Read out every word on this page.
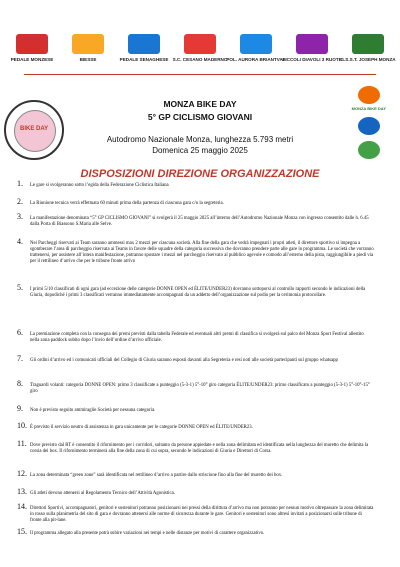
PEDALE MONZESE	BIESSE	PEDALE SENAGHESE S.C. CESANO MADERNO
POL. AURORA BRIANTVAL
PICCOLI DIAVOLI 3 RUOTE
G.S.S.T. JOSEPH MONZA
BIKE DAY
MONZA BIKE DAY
MONZA BIKE DAY
5° GP CICLISMO GIOVANI
Autodromo Nazionale Monza, lunghezza 5.793 metri
Domenica 25 maggio 2025
DISPOSIZIONI DIREZIONE ORGANIZZAZIONE
1. Le gare si svolgeranno sotto l’egida della Federazione Ciclistica Italiana
2. La Riunione tecnica verrà effettuata 60 minuti prima della partenza di ciascuna gara c/o la segreteria.
3. La manifestazione denominata “5° GP CICLISMO GIOVANI” si svolgerà il 25 maggio 2025 all’interno dell’Autodromo Nazionale Monza con ingresso consentito dalle h. 6.45 dalla Porta di Biassono S.Maria alle Selve.
4. Nei Parcheggi riservati ai Team saranno ammessi max 2 mezzi per ciascuna società. Alla fine della gara che vedrà impegnati i propri atleti, il direttore sportivo si impegna a sgomberare l’area di parcheggio riservata ai Teams in favore delle squadre della categoria successiva che dovranno prendere parte alle gare in programma. Le società che vorranno trattenersi, per assistere all’intera manifestazione, potranno spostare i mezzi nel parcheggio riservato al pubblico agevole e comodo all’esterno della pista, raggiungibile a piedi via per il rettilineo d’arrivo che per le tribune fronte arrivo
5. I primi 5/10 classificati di ogni gara (ad eccezione delle categorie DONNE OPEN ed ÉLITE/UNDER23) dovranno sottoporsi al controllo rapporti secondo le indicazioni della Giuria, dopodiché i primi 3 classificati verranno immediatamente accompagnati da un addetto dell’organizzazione sul podio per la cerimonia protocollare.
6. La premiazione completa con la consegna dei premi previsti dalla tabella Federale ed eventuali altri premi di classifica si svolgerà sul palco del Monza Sport Festival allestito nella zona paddock subito dopo l’invio dell’ordine d’arrivo ufficiale.
7. Gli ordini d’arrivo ed i comunicati ufficiali del Collegio di Giuria saranno esposti davanti alla Segreteria e resi noti alle società partecipanti sul gruppo whatsapp
8. Traguardi volanti: categoria DONNE OPEN: primo 3 classificate a punteggio (5-3-1) 5°-10° giro categoria ÉLITE/UNDER23: primo classificato a punteggio (5-3-1) 5°-10°-15° giro
9. Non è previsto seguito ammiraglie Società per nessuna categoria.
10. È previsto il servizio neutro di assistenza in gara unicamente per le categorie DONNE OPEN ed ÉLITE/UNDER23.
11. Dove previsto dal RT è consentito il rifornimento per i corridori, soltanto da persone appiedate e nella zona delimitata ed identificata nella lunghezza del muretto che delimita la corsia dei box. Il rifornimento terminerà alla fine della zona di cui sopra, secondo le indicazioni di Giuria e Direttori di Corsa.
12. La zona determinata “green zone” sarà identificata nel rettilineo d’arrivo a partire dallo striscione fino alla fine del muretto dei box.
13. Gli atleti devono attenersi al Regolamento Tecnico dell’Attività Agonistica.
14. Direttori Sportivi, accompagnatori, genitori e sostenitori potranno posizionarsi nei pressi della dirittura d’arrivo ma non potranno per nessun motivo oltrepassare la zona delimitata in rosso sulla planimetria del sito di gara e dovranno attenersi alle norme di sicurezza durante le gare. Genitori e sostenitori sono altresì invitati a posizionarsi sulle tribune di fronte alla pit-lane.
15. Il programma allegato alla presente potrà subire variazioni nei tempi e nelle distanze per motivi di carattere organizzativo.
